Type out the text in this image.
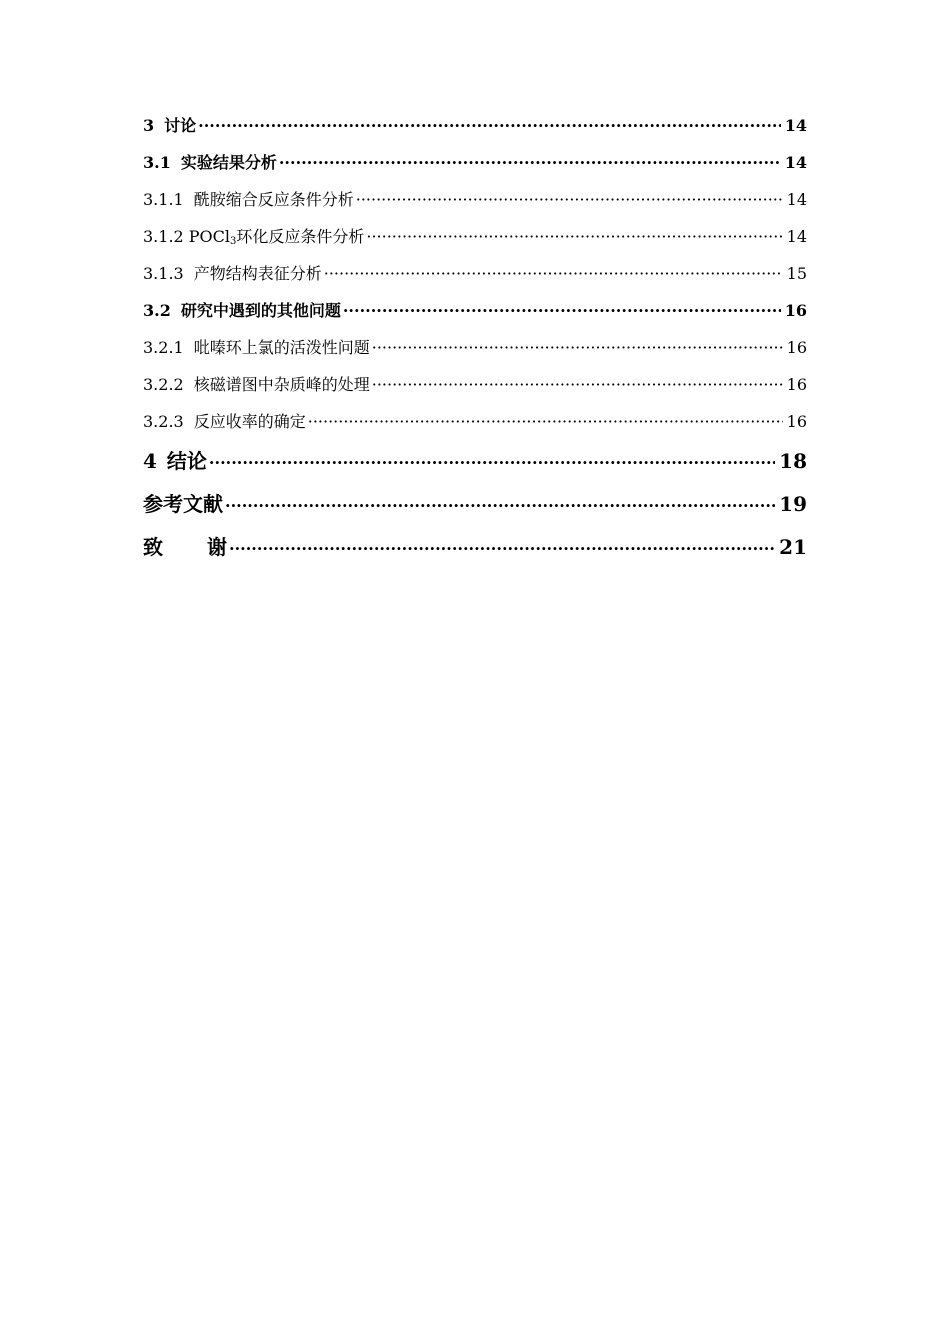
3 讨论 ·····	14
3.1 实验结果分析 ·····	14
3.1.1 酰胺缩合反应条件分析 ·····	14
3.1.2 POCl$_3$环化反应条件分析 ·····	14
3.1.3 产物结构表征分析 ·····	15
3.2 研究中遇到的其他问题 ·····	16
3.2.1 吡嗪环上氯的活泼性问题 ·····	16
3.2.2 核磁谱图中杂质峰的处理 ·····	16
3.2.3 反应收率的确定 ·····	16
4 结论 ·····	18
参考文献 ·····	19
致 谢 ·····	21
